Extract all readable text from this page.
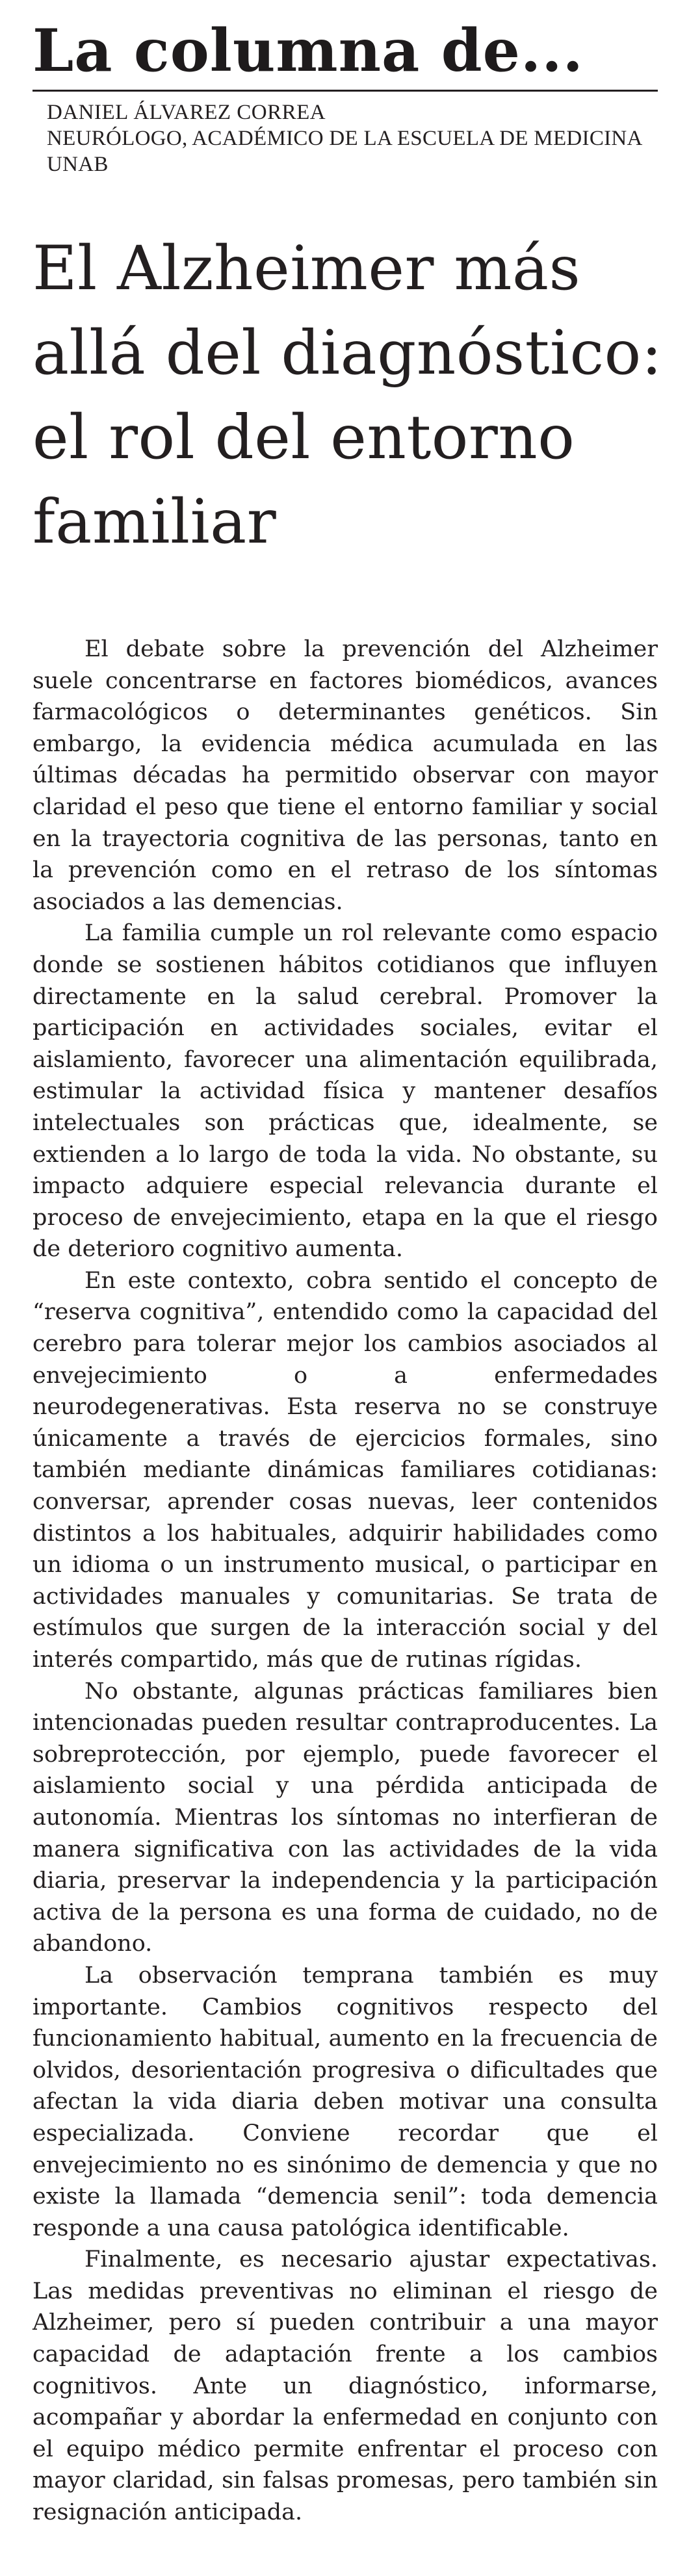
La columna de...
DANIEL ÁLVAREZ CORREA
NEURÓLOGO, ACADÉMICO DE LA ESCUELA DE MEDICINA UNAB
El Alzheimer más
allá del diagnóstico:
el rol del entorno
familiar

El debate sobre la prevención del Alzheimer suele concentrarse en factores biomédicos, avances farmacológicos o determinantes genéticos. Sin embargo, la evidencia médica acumulada en las últimas décadas ha permitido observar con mayor claridad el peso que tiene el entorno familiar y social en la trayectoria cognitiva de las personas, tanto en la prevención como en el retraso de los síntomas asociados a las demencias.

La familia cumple un rol relevante como espacio donde se sostienen hábitos cotidianos que influyen directamente en la salud cerebral. Promover la participación en actividades sociales, evitar el aislamiento, favorecer una alimentación equilibrada, estimular la actividad física y mantener desafíos intelectuales son prácticas que, idealmente, se extienden a lo largo de toda la vida. No obstante, su impacto adquiere especial relevancia durante el proceso de envejecimiento, etapa en la que el riesgo de deterioro cognitivo aumenta.

En este contexto, cobra sentido el concepto de “reserva cognitiva”, entendido como la capacidad del cerebro para tolerar mejor los cambios asociados al envejecimiento o a enfermedades neurodegenerativas. Esta reserva no se construye únicamente a través de ejercicios formales, sino también mediante dinámicas familiares cotidianas: conversar, aprender cosas nuevas, leer contenidos distintos a los habituales, adquirir habilidades como un idioma o un instrumento musical, o participar en actividades manuales y comunitarias. Se trata de estímulos que surgen de la interacción social y del interés compartido, más que de rutinas rígidas.

No obstante, algunas prácticas familiares bien intencionadas pueden resultar contraproducentes. La sobreprotección, por ejemplo, puede favorecer el aislamiento social y una pérdida anticipada de autonomía. Mientras los síntomas no interfieran de manera significativa con las actividades de la vida diaria, preservar la independencia y la participación activa de la persona es una forma de cuidado, no de abandono.

La observación temprana también es muy importante. Cambios cognitivos respecto del funcionamiento habitual, aumento en la frecuencia de olvidos, desorientación progresiva o dificultades que afectan la vida diaria deben motivar una consulta especializada. Conviene recordar que el envejecimiento no es sinónimo de demencia y que no existe la llamada “demencia senil”: toda demencia responde a una causa patológica identificable.

Finalmente, es necesario ajustar expectativas. Las medidas preventivas no eliminan el riesgo de Alzheimer, pero sí pueden contribuir a una mayor capacidad de adaptación frente a los cambios cognitivos. Ante un diagnóstico, informarse, acompañar y abordar la enfermedad en conjunto con el equipo médico permite enfrentar el proceso con mayor claridad, sin falsas promesas, pero también sin resignación anticipada.
